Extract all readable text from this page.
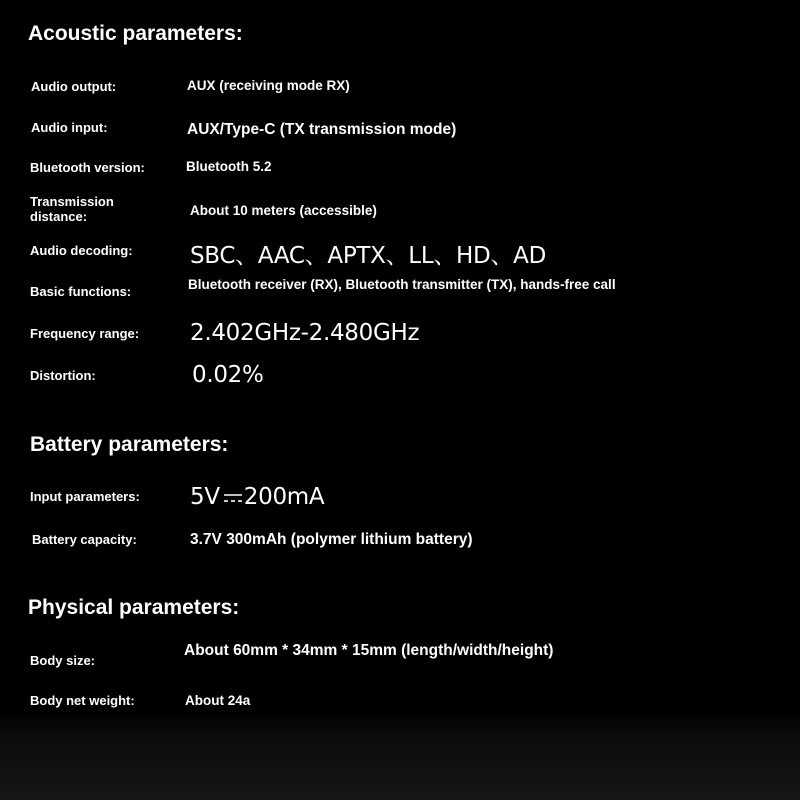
Acoustic parameters:
Audio output:	AUX (receiving mode RX)
Audio input:	AUX/Type-C (TX transmission mode)
Bluetooth version:	Bluetooth 5.2
Transmission distance:	About 10 meters (accessible)
Audio decoding: SBC、AAC、APTX、LL、HD、AD
Basic functions:	Bluetooth receiver (RX), Bluetooth transmitter (TX), hands-free call
Frequency range: 2.402GHz-2.480GHz
Distortion:	0.02%
Battery parameters:
Input parameters: 5V 200mA
Battery capacity:	3.7V 300mAh (polymer lithium battery)
Physical parameters:
Body size:
About 60mm * 34mm * 15mm (length/width/height)
Body net weight:	About 24a
